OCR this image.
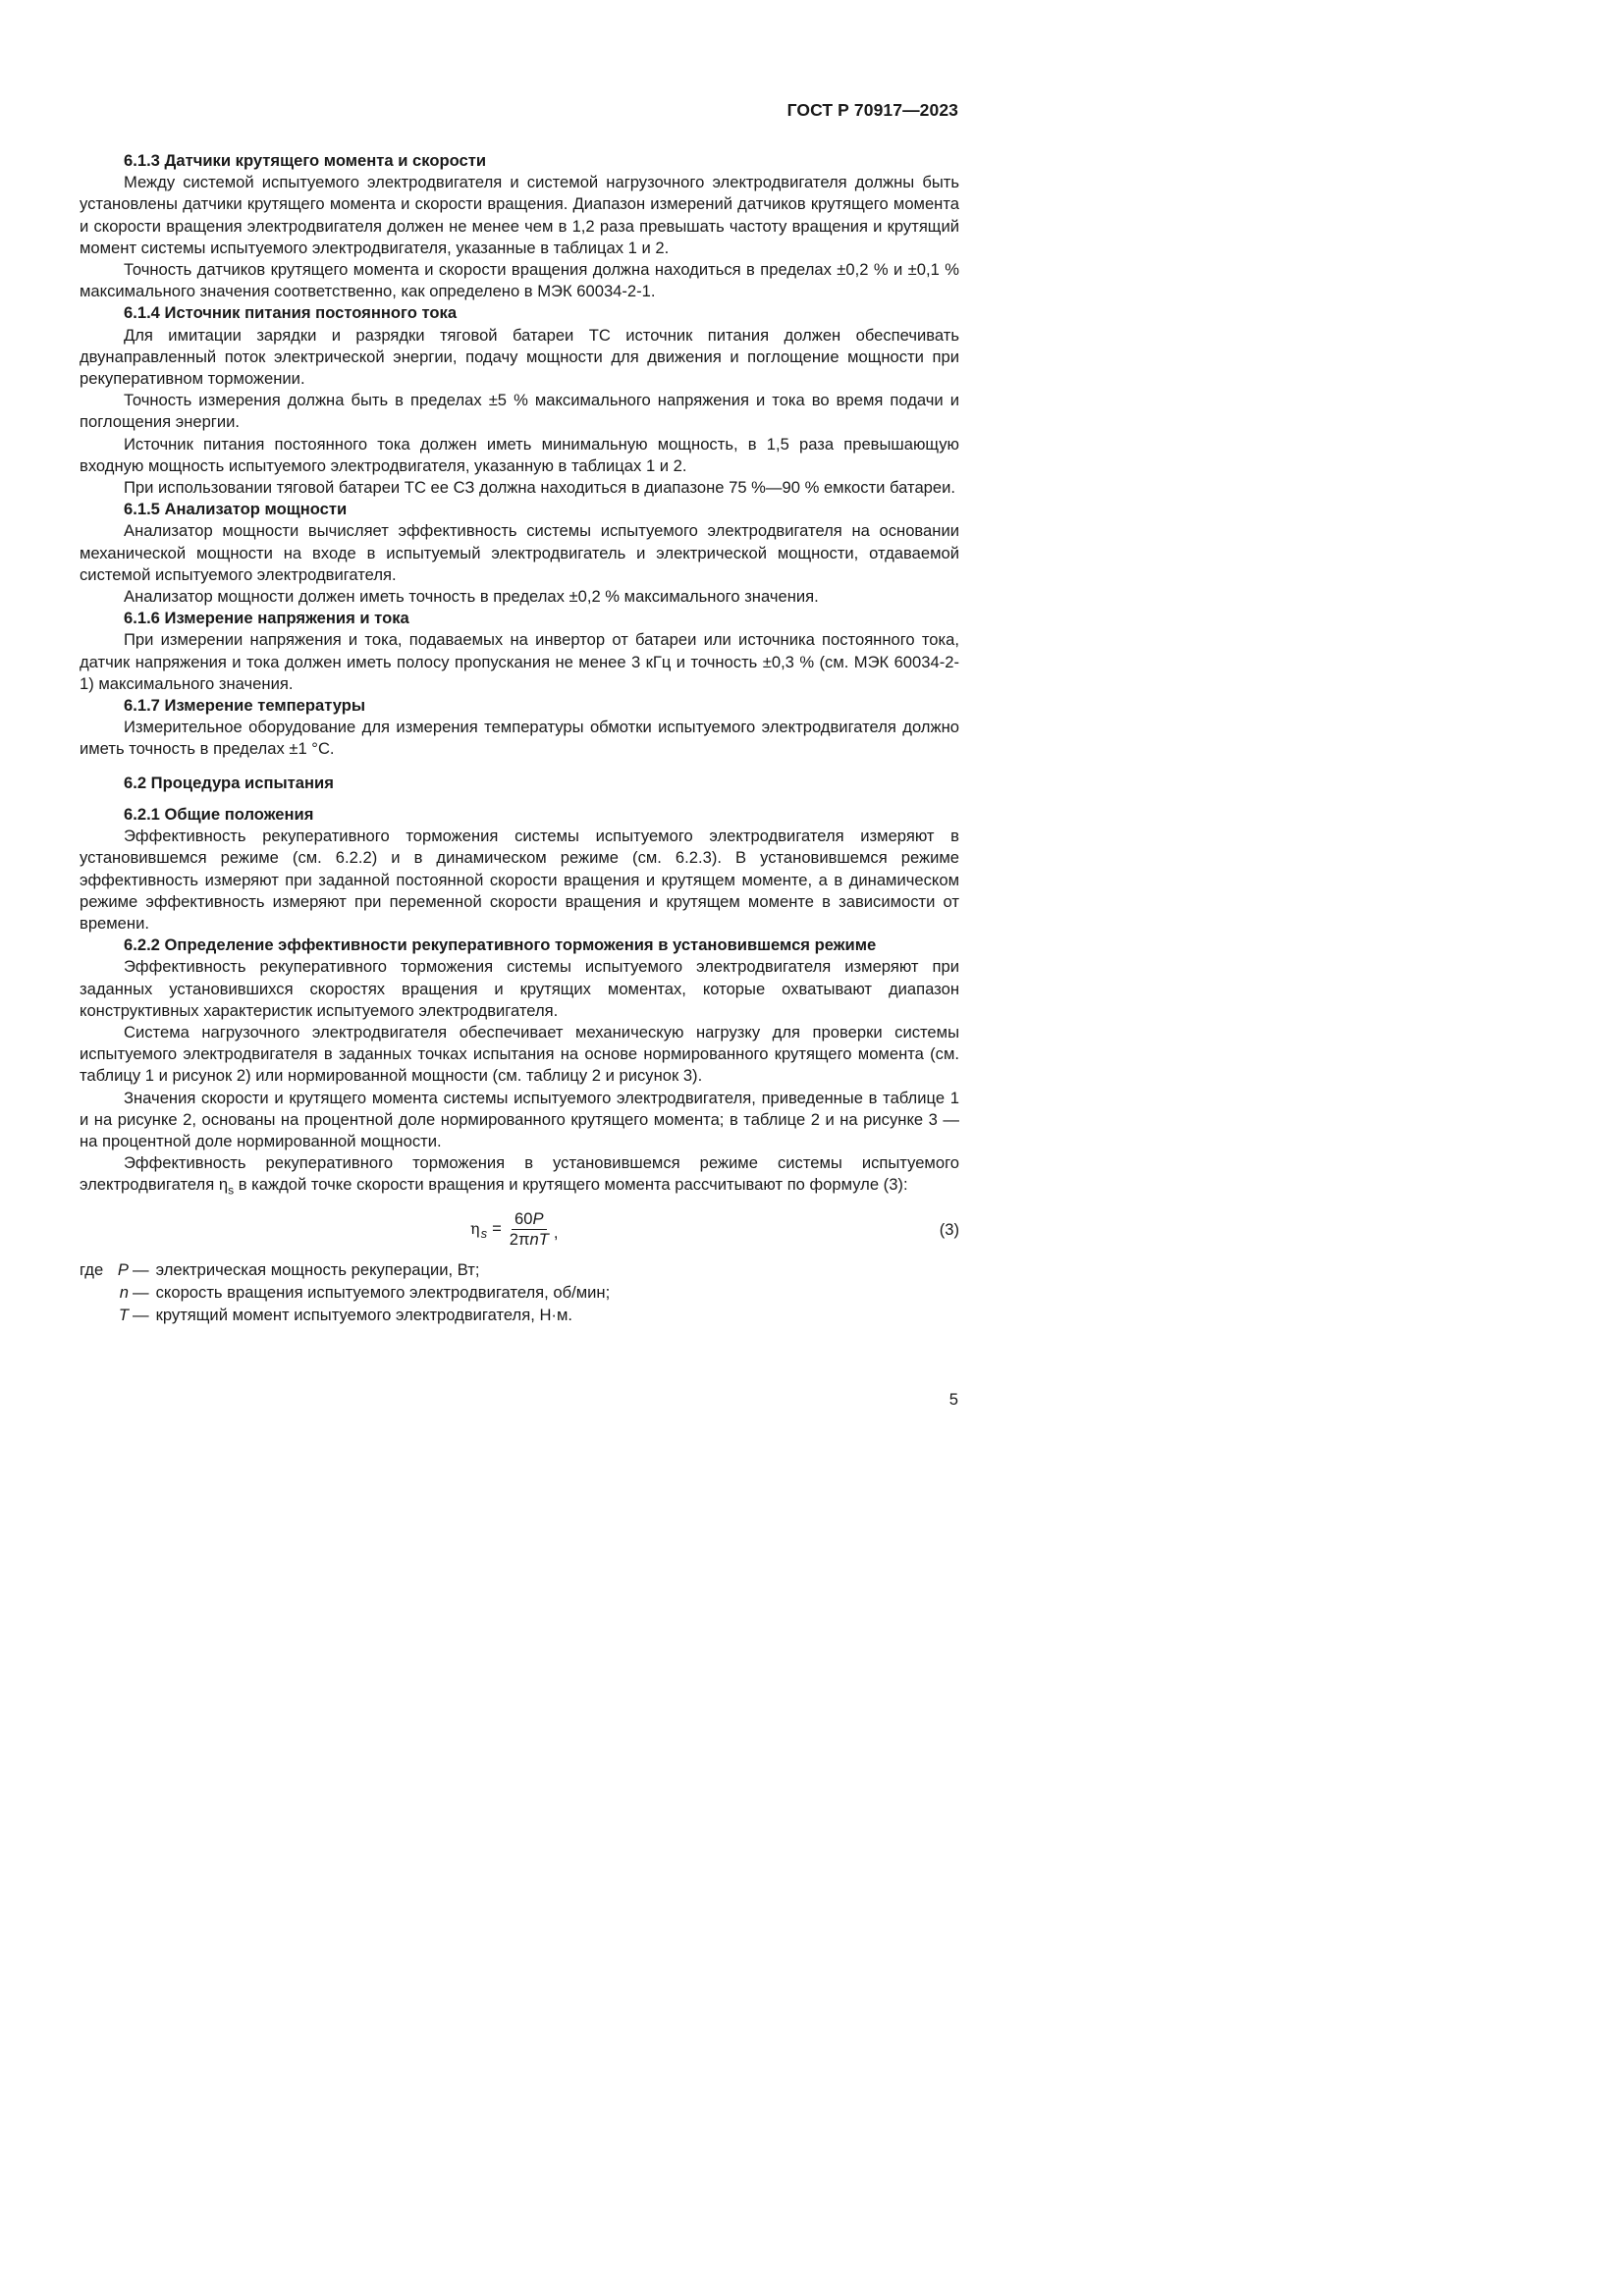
ГОСТ Р 70917—2023
6.1.3 Датчики крутящего момента и скорости

Между системой испытуемого электродвигателя и системой нагрузочного электродвигателя должны быть установлены датчики крутящего момента и скорости вращения. Диапазон измерений датчиков крутящего момента и скорости вращения электродвигателя должен не менее чем в 1,2 раза превышать частоту вращения и крутящий момент системы испытуемого электродвигателя, указанные в таблицах 1 и 2.

Точность датчиков крутящего момента и скорости вращения должна находиться в пределах ±0,2 % и ±0,1 % максимального значения соответственно, как определено в МЭК 60034-2-1.

6.1.4 Источник питания постоянного тока

Для имитации зарядки и разрядки тяговой батареи ТС источник питания должен обеспечивать двунаправленный поток электрической энергии, подачу мощности для движения и поглощение мощности при рекуперативном торможении.

Точность измерения должна быть в пределах ±5 % максимального напряжения и тока во время подачи и поглощения энергии.

Источник питания постоянного тока должен иметь минимальную мощность, в 1,5 раза превышающую входную мощность испытуемого электродвигателя, указанную в таблицах 1 и 2.

При использовании тяговой батареи ТС ее СЗ должна находиться в диапазоне 75 %—90 % емкости батареи.

6.1.5 Анализатор мощности

Анализатор мощности вычисляет эффективность системы испытуемого электродвигателя на основании механической мощности на входе в испытуемый электродвигатель и электрической мощности, отдаваемой системой испытуемого электродвигателя.

Анализатор мощности должен иметь точность в пределах ±0,2 % максимального значения.

6.1.6 Измерение напряжения и тока

При измерении напряжения и тока, подаваемых на инвертор от батареи или источника постоянного тока, датчик напряжения и тока должен иметь полосу пропускания не менее 3 кГц и точность ±0,3 % (см. МЭК 60034-2-1) максимального значения.

6.1.7 Измерение температуры

Измерительное оборудование для измерения температуры обмотки испытуемого электродвигателя должно иметь точность в пределах ±1 °С.

6.2 Процедура испытания
6.2.1 Общие положения

Эффективность рекуперативного торможения системы испытуемого электродвигателя измеряют в установившемся режиме (см. 6.2.2) и в динамическом режиме (см. 6.2.3). В установившемся режиме эффективность измеряют при заданной постоянной скорости вращения и крутящем моменте, а в динамическом режиме эффективность измеряют при переменной скорости вращения и крутящем моменте в зависимости от времени.

6.2.2 Определение эффективности рекуперативного торможения в установившемся режиме

Эффективность рекуперативного торможения системы испытуемого электродвигателя измеряют при заданных установившихся скоростях вращения и крутящих моментах, которые охватывают диапазон конструктивных характеристик испытуемого электродвигателя.

Система нагрузочного электродвигателя обеспечивает механическую нагрузку для проверки системы испытуемого электродвигателя в заданных точках испытания на основе нормированного крутящего момента (см. таблицу 1 и рисунок 2) или нормированной мощности (см. таблицу 2 и рисунок 3).

Значения скорости и крутящего момента системы испытуемого электродвигателя, приведенные в таблице 1 и на рисунке 2, основаны на процентной доле нормированного крутящего момента; в таблице 2 и на рисунке 3 — на процентной доле нормированной мощности.

Эффективность рекуперативного торможения в установившемся режиме системы испытуемого электродвигателя $\eta_s$ в каждой точке скорости вращения и крутящего момента рассчитывают по формуле (3):

η $s = \frac{60P}{\text{2πnT}}$ ,	(3)
где P — электрическая мощность рекуперации, Вт;
n — скорость вращения испытуемого электродвигателя, об/мин;
T — крутящий момент испытуемого электродвигателя, Н·м.
5
